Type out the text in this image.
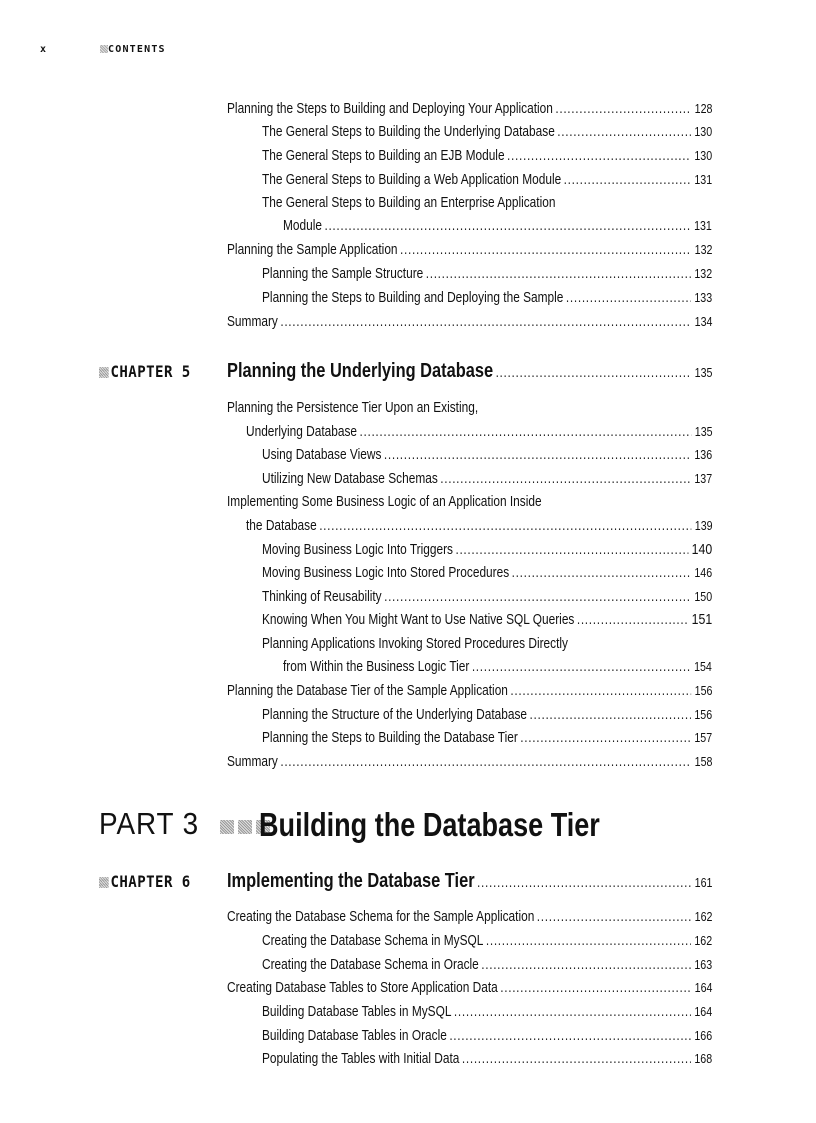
x	CONTENTS
Planning the Steps to Building and Deploying Your Application . . .	128
The General Steps to Building the Underlying Database . . .	130
The General Steps to Building an EJB Module . . .	130
The General Steps to Building a Web Application Module . . .	131
The General Steps to Building an Enterprise Application
Module . . .	131
Planning the Sample Application . . .	132
Planning the Sample Structure . . .	132
Planning the Steps to Building and Deploying the Sample . . .	133
Summary . . .	134
CHAPTER 5 Planning the Underlying Database . . .	135
Planning the Persistence Tier Upon an Existing,
Underlying Database . . .	135
Using Database Views . . .	136
Utilizing New Database Schemas . . .	137
Implementing Some Business Logic of an Application Inside
the Database . . .	139
Moving Business Logic Into Triggers . . .	140
Moving Business Logic Into Stored Procedures . . .	146
Thinking of Reusability . . .	150
Knowing When You Might Want to Use Native SQL Queries . . .	151
Planning Applications Invoking Stored Procedures Directly
from Within the Business Logic Tier . . .	154
Planning the Database Tier of the Sample Application . . .	156
Planning the Structure of the Underlying Database . . .	156
Planning the Steps to Building the Database Tier . . .	157
Summary . . .	158
PART 3 Building the Database Tier
CHAPTER 6 Implementing the Database Tier . . .	161
Creating the Database Schema for the Sample Application . . .	162
Creating the Database Schema in MySQL . . .	162
Creating the Database Schema in Oracle . . .	163
Creating Database Tables to Store Application Data . . .	164
Building Database Tables in MySQL . . .	164
Building Database Tables in Oracle . . .	166
Populating the Tables with Initial Data . . .	168
